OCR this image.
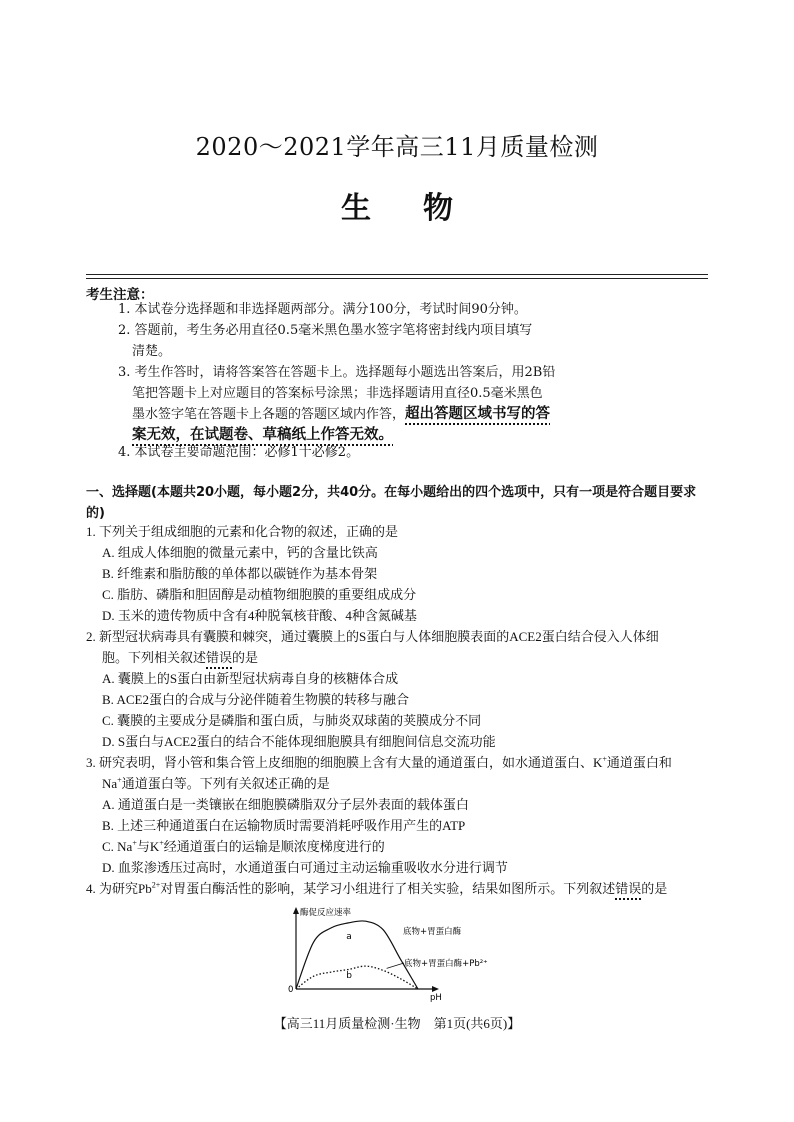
2020～2021学年高三11月质量检测
生物
考生注意：
1. 本试卷分选择题和非选择题两部分。满分100分，考试时间90分钟。
2. 答题前，考生务必用直径0.5毫米黑色墨水签字笔将密封线内项目填写
清楚。
3. 考生作答时，请将答案答在答题卡上。选择题每小题选出答案后，用2B铅
笔把答题卡上对应题目的答案标号涂黑；非选择题请用直径0.5毫米黑色
墨水签字笔在答题卡上各题的答题区域内作答，超出答题区域书写的答
案无效，在试题卷、草稿纸上作答无效。
4. 本试卷主要命题范围：必修1十必修2。
一、选择题(本题共20小题，每小题2分，共40分。在每小题给出的四个选项中，只有一项是符合题目要求的)
1. 下列关于组成细胞的元素和化合物的叙述，正确的是
A. 组成人体细胞的微量元素中，钙的含量比铁高
B. 纤维素和脂肪酸的单体都以碳链作为基本骨架
C. 脂肪、磷脂和胆固醇是动植物细胞膜的重要组成成分
D. 玉米的遗传物质中含有4种脱氧核苷酸、4种含氮碱基
2. 新型冠状病毒具有囊膜和棘突，通过囊膜上的S蛋白与人体细胞膜表面的ACE2蛋白结合侵入人体细
胞。下列相关叙述错误的是
A. 囊膜上的S蛋白由新型冠状病毒自身的核糖体合成
B. ACE2蛋白的合成与分泌伴随着生物膜的转移与融合
C. 囊膜的主要成分是磷脂和蛋白质，与肺炎双球菌的荚膜成分不同
D. S蛋白与ACE2蛋白的结合不能体现细胞膜具有细胞间信息交流功能
3. 研究表明，肾小管和集合管上皮细胞的细胞膜上含有大量的通道蛋白，如水通道蛋白、K+通道蛋白和
Na+通道蛋白等。下列有关叙述正确的是
A. 通道蛋白是一类镶嵌在细胞膜磷脂双分子层外表面的载体蛋白
B. 上述三种通道蛋白在运输物质时需要消耗呼吸作用产生的ATP
C. Na+与K+经通道蛋白的运输是顺浓度梯度进行的
D. 血浆渗透压过高时，水通道蛋白可通过主动运输重吸收水分进行调节
4. 为研究$Pb^{2+}$对胃蛋白酶活性的影响，某学习小组进行了相关实验，结果如图所示。下列叙述错误的是
酶促反应速率
pH
0
a
底物+胃蛋白酶
b
底物+胃蛋白酶+Pb²⁺
【高三11月质量检测·生物　第1页(共6页)】
